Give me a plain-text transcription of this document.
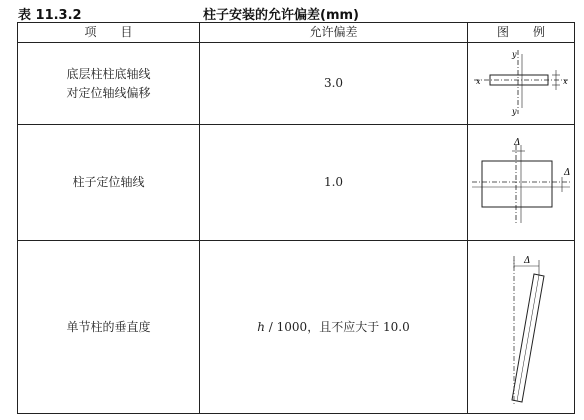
表 11.3.2	柱子安装的允许偏差(mm)
项　　目	允许偏差	图　　例
底层柱柱底轴线
对定位轴线偏移
3.0	x	x
y
y
柱子定位轴线	1.0
Δ
Δ
单节柱的垂直度	h / 1000，且不应大于 10.0
Δ
